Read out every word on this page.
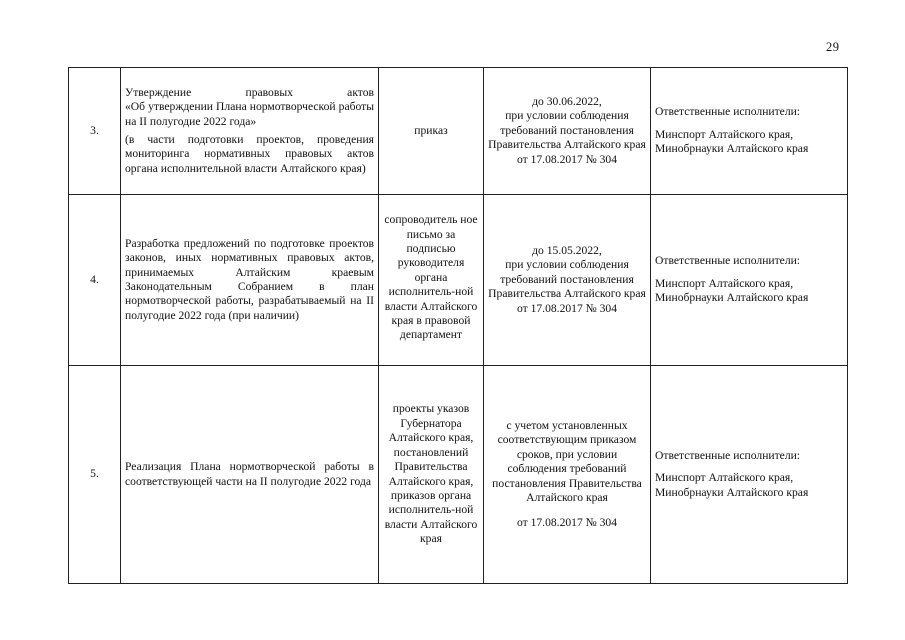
29
3.	Утверждение правовых актов
«Об утверждении Плана нормотворческой работы на II полугодие 2022 года»
(в части подготовки проектов, проведения мониторинга нормативных правовых актов органа исполнительной власти Алтайского края)	приказ	до 30.06.2022,
при условии соблюдения требований постановления Правительства Алтайского края от 17.08.2017 № 304	Ответственные исполнители:
Минспорт Алтайского края, Минобрнауки Алтайского края

4.	Разработка предложений по подготовке проектов законов, иных нормативных правовых актов, принимаемых Алтайским краевым Законодательным Собранием в план нормотворческой работы, разрабатываемый на II полугодие 2022 года (при наличии)	сопроводитель ное письмо за подписью руководителя органа исполнитель-ной власти Алтайского края в правовой департамент	до 15.05.2022,
при условии соблюдения требований постановления Правительства Алтайского края от 17.08.2017 № 304	Ответственные исполнители:
Минспорт Алтайского края, Минобрнауки Алтайского края

5.	Реализация Плана нормотворческой работы в соответствующей части на II полугодие 2022 года	проекты указов Губернатора Алтайского края, постановлений Правительства Алтайского края, приказов органа исполнитель-ной власти Алтайского края	с учетом установленных соответствующим приказом сроков, при условии соблюдения требований постановления Правительства Алтайского края
от 17.08.2017 № 304	Ответственные исполнители:
Минспорт Алтайского края, Минобрнауки Алтайского края
